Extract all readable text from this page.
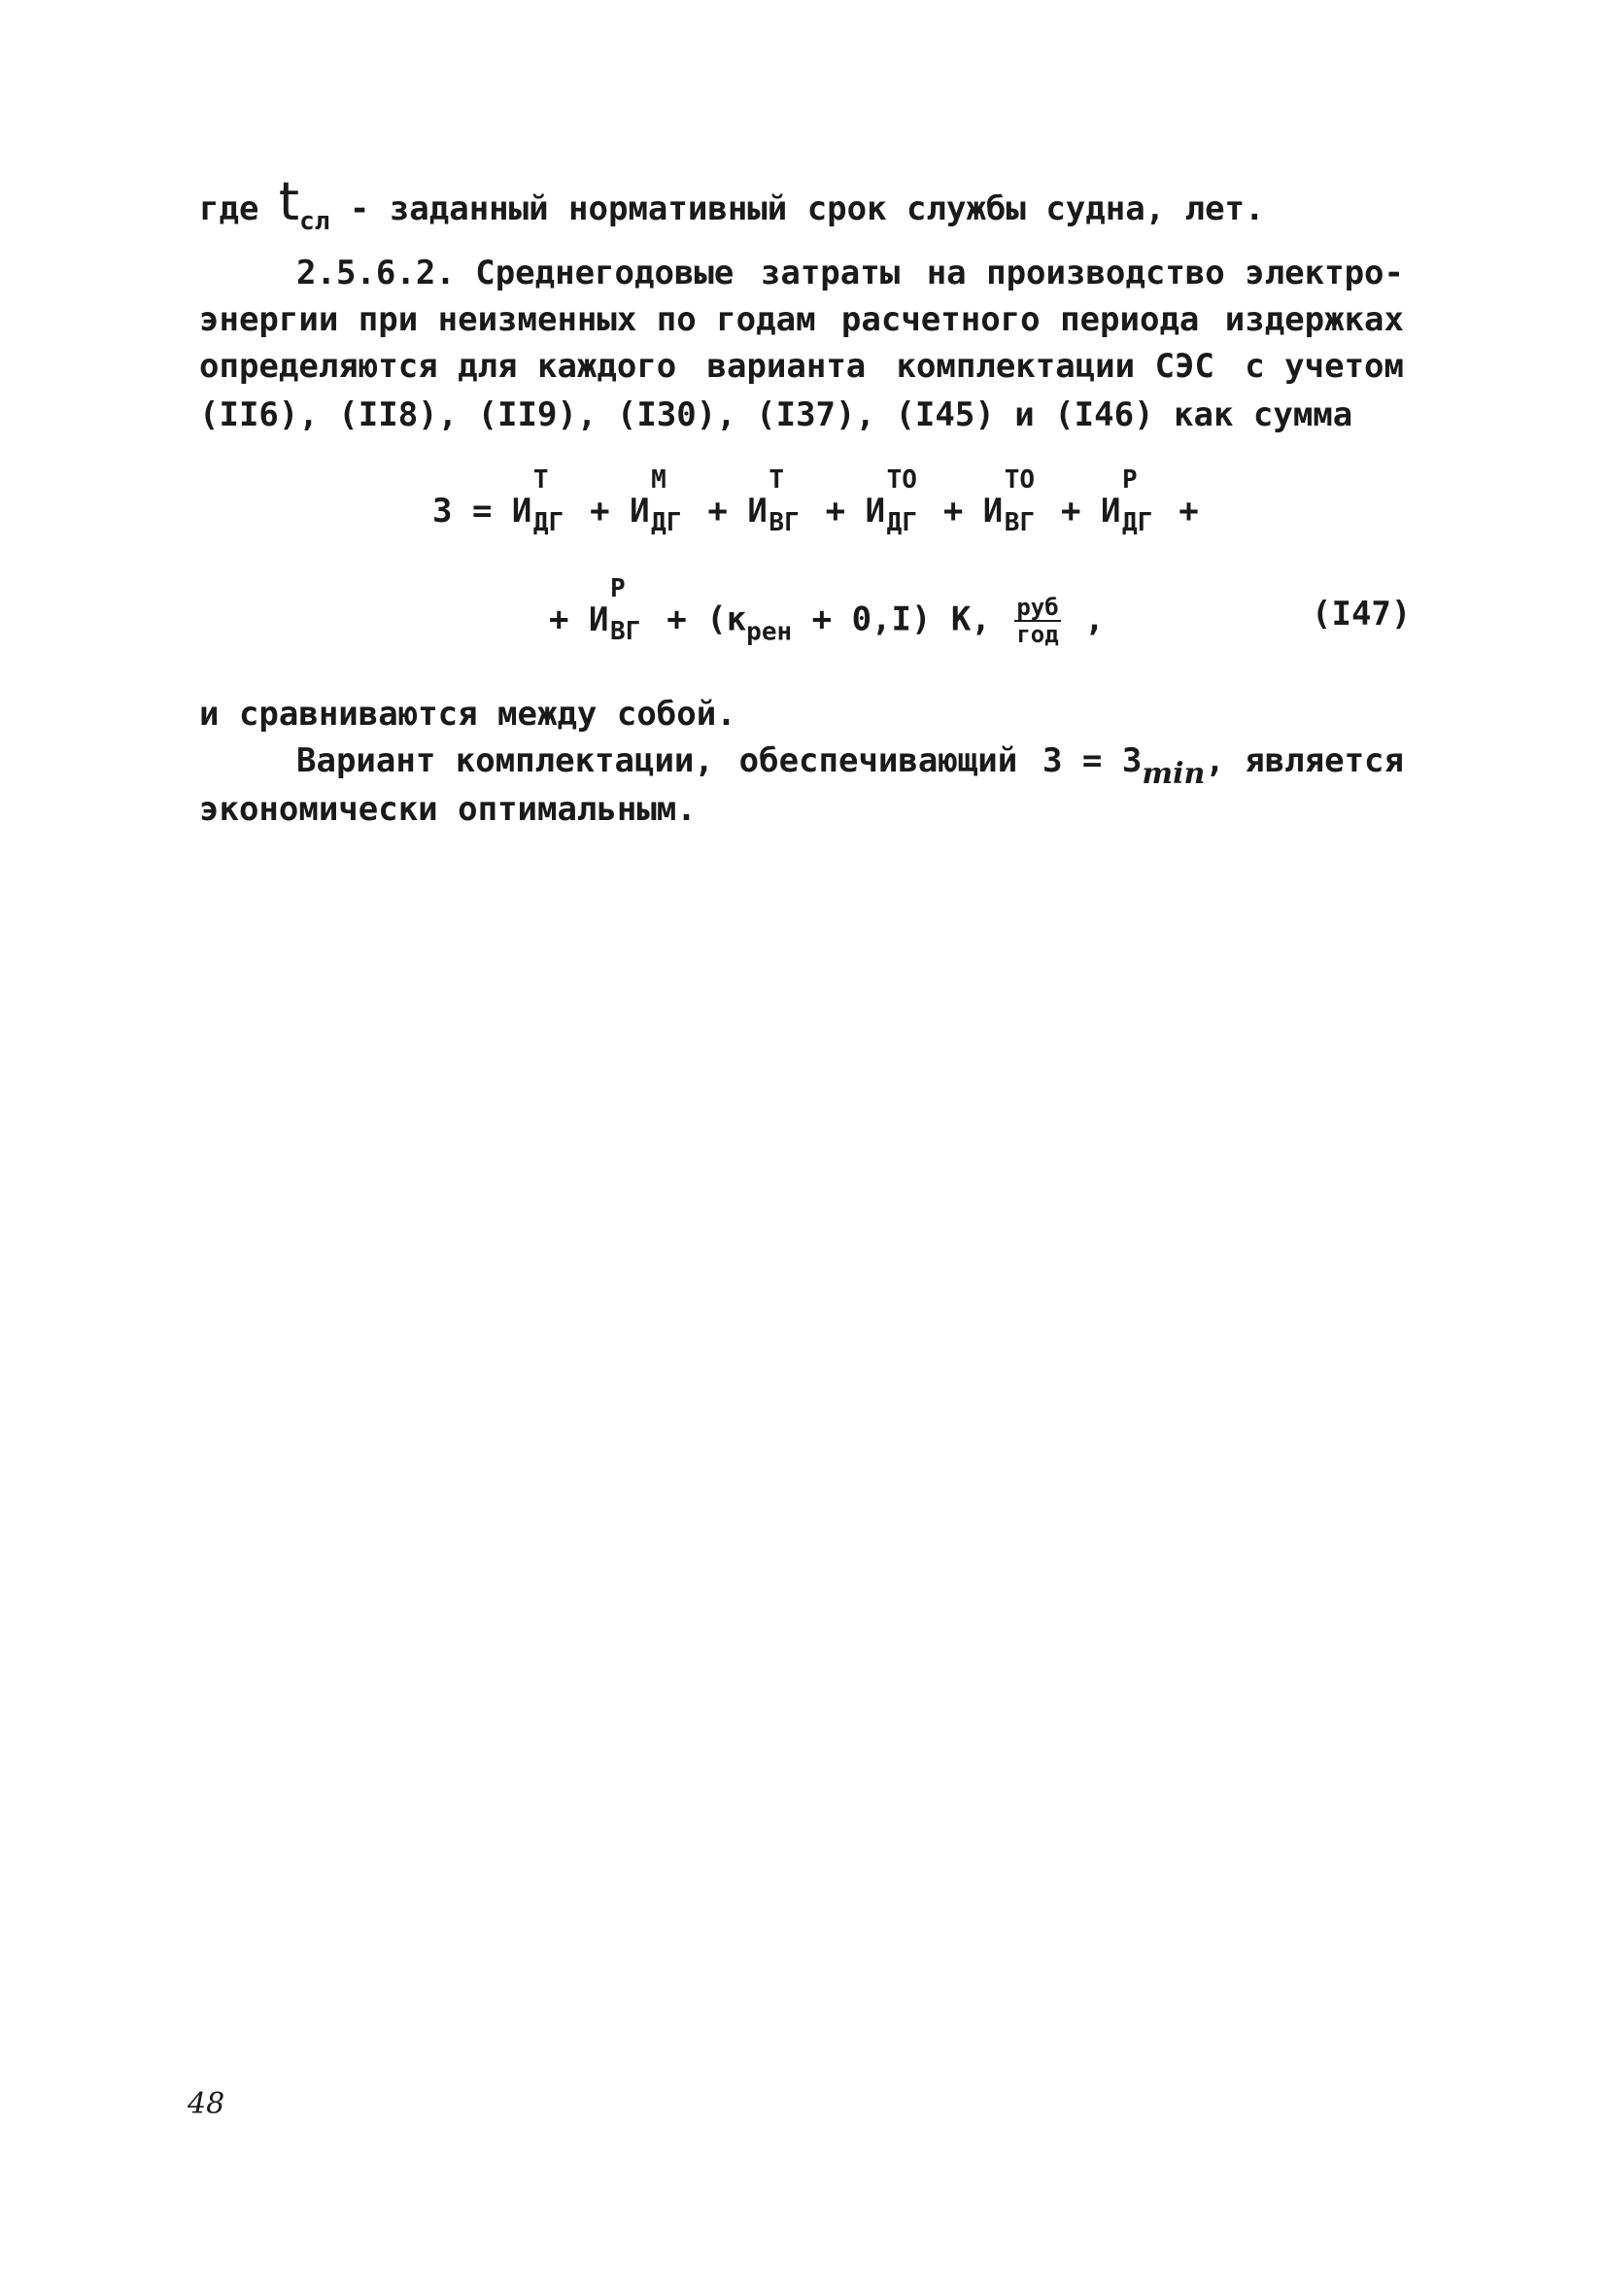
где $t_{сл}$ - заданный нормативный срок службы судна, лет.
2.5.6.2. Среднегодовые затраты на производство электро-
энергии при неизменных по годам расчетного периода издержках
определяются для каждого варианта комплектации СЭС с учетом
(II6), (II8), (II9), (I30), (I37), (I45) и (I46) как сумма
З = И
Т
ДГ + И
М
ДГ + И
Т
ВГ + И
ТО
ДГ + И
ТО
ВГ + И
Р
ДГ +
+ И
Р
ВГ + $(к_{рен} + 0,I)$ К, $\frac{\text{руб}}{\text{год}}$ ,	(I47)
и сравниваются между собой.
Вариант комплектации, обеспечивающий З = Зmin, является
экономически оптимальным.
48
